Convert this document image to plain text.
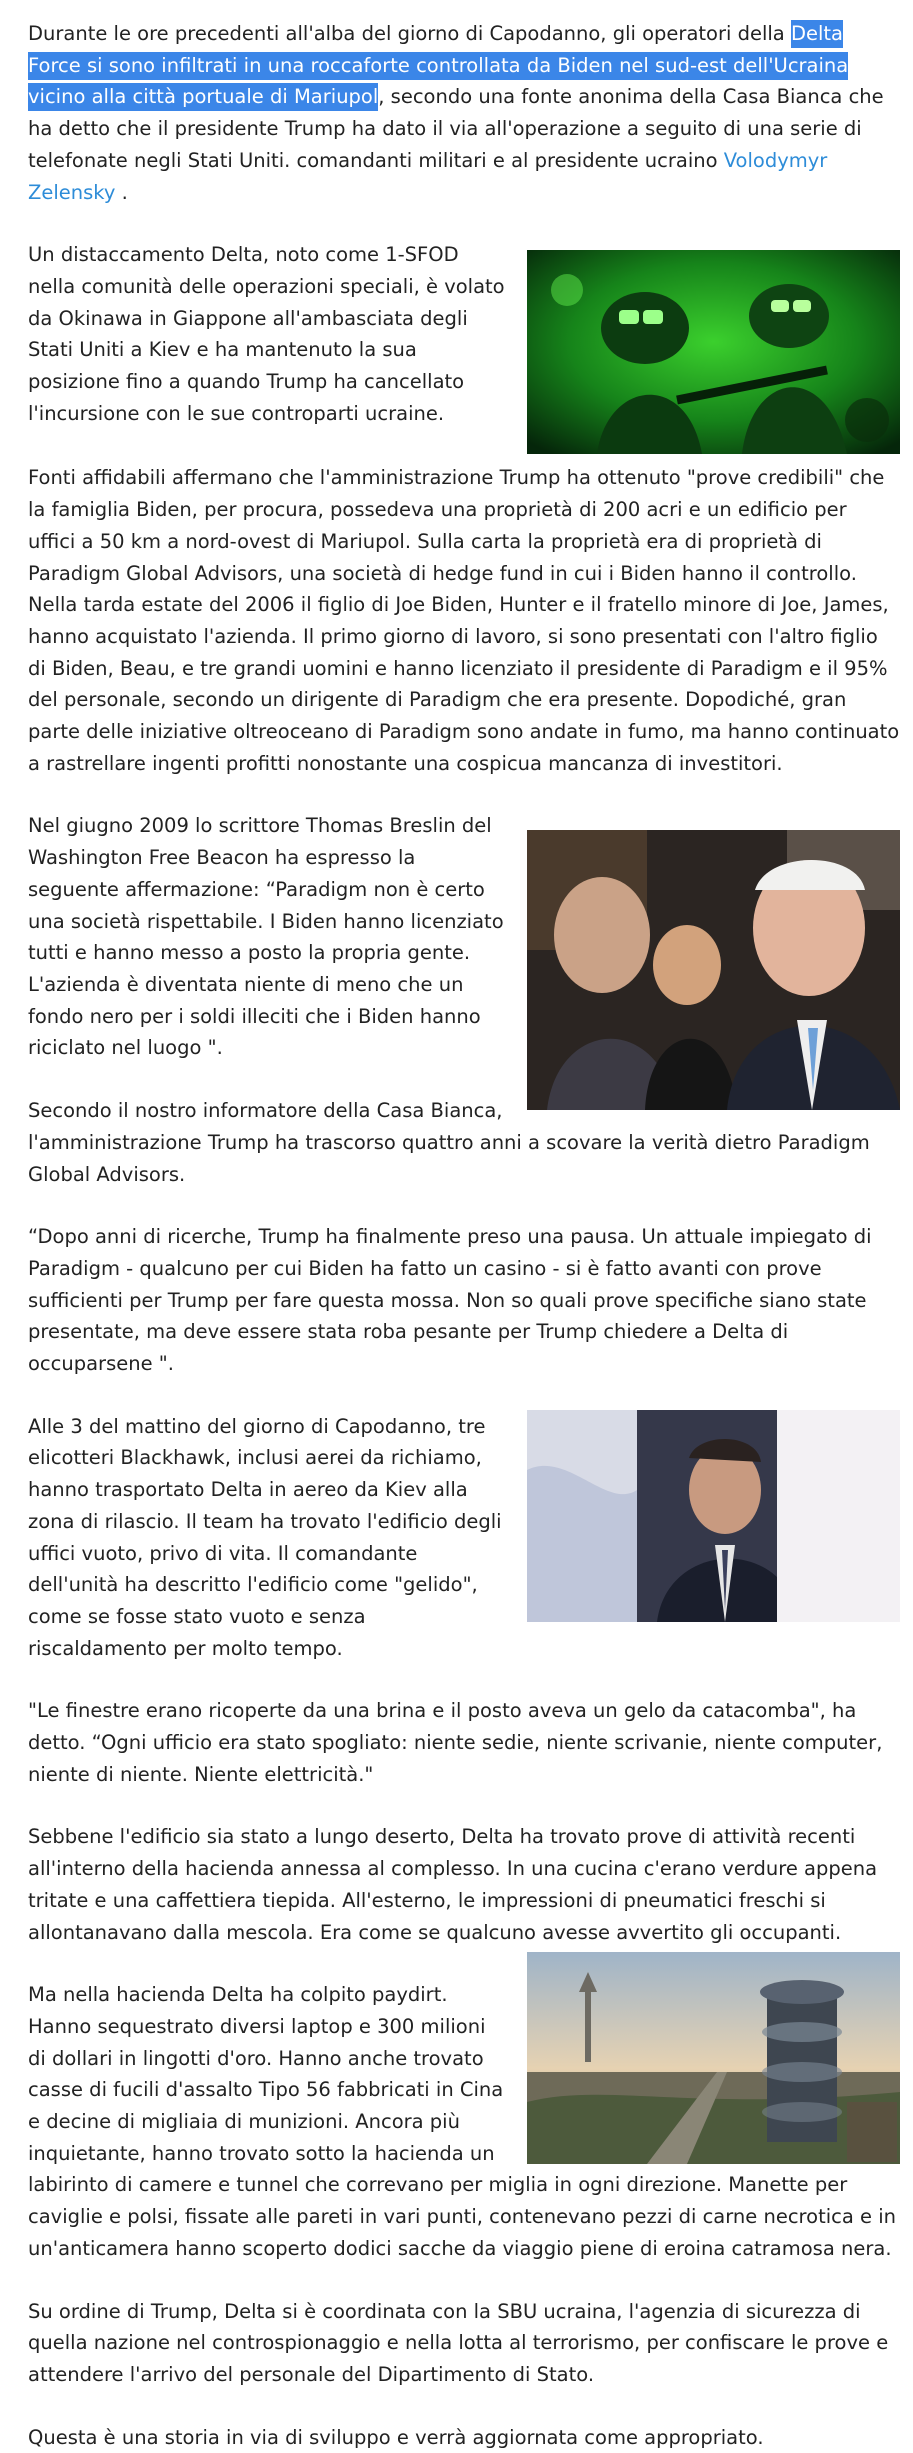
Durante le ore precedenti all'alba del giorno di Capodanno, gli operatori della Delta Force si sono infiltrati in una roccaforte controllata da Biden nel sud-est dell'Ucraina vicino alla città portuale di Mariupol, secondo una fonte anonima della Casa Bianca che ha detto che il presidente Trump ha dato il via all'operazione a seguito di una serie di telefonate negli Stati Uniti. comandanti militari e al presidente ucraino Volodymyr Zelensky .

Un distaccamento Delta, noto come 1-SFOD nella comunità delle operazioni speciali, è volato da Okinawa in Giappone all'ambasciata degli Stati Uniti a Kiev e ha mantenuto la sua posizione fino a quando Trump ha cancellato l'incursione con le sue controparti ucraine.

Fonti affidabili affermano che l'amministrazione Trump ha ottenuto "prove credibili" che la famiglia Biden, per procura, possedeva una proprietà di 200 acri e un edificio per uffici a 50 km a nord-ovest di Mariupol. Sulla carta la proprietà era di proprietà di Paradigm Global Advisors, una società di hedge fund in cui i Biden hanno il controllo. Nella tarda estate del 2006 il figlio di Joe Biden, Hunter e il fratello minore di Joe, James, hanno acquistato l'azienda. Il primo giorno di lavoro, si sono presentati con l'altro figlio di Biden, Beau, e tre grandi uomini e hanno licenziato il presidente di Paradigm e il 95% del personale, secondo un dirigente di Paradigm che era presente. Dopodiché, gran parte delle iniziative oltreoceano di Paradigm sono andate in fumo, ma hanno continuato a rastrellare ingenti profitti nonostante una cospicua mancanza di investitori.

Nel giugno 2009 lo scrittore Thomas Breslin del Washington Free Beacon ha espresso la seguente affermazione: “Paradigm non è certo una società rispettabile. I Biden hanno licenziato tutti e hanno messo a posto la propria gente. L'azienda è diventata niente di meno che un fondo nero per i soldi illeciti che i Biden hanno riciclato nel luogo ".

Secondo il nostro informatore della Casa Bianca, l'amministrazione Trump ha trascorso quattro anni a scovare la verità dietro Paradigm Global Advisors.

“Dopo anni di ricerche, Trump ha finalmente preso una pausa. Un attuale impiegato di Paradigm - qualcuno per cui Biden ha fatto un casino - si è fatto avanti con prove sufficienti per Trump per fare questa mossa. Non so quali prove specifiche siano state presentate, ma deve essere stata roba pesante per Trump chiedere a Delta di occuparsene ".

Alle 3 del mattino del giorno di Capodanno, tre elicotteri Blackhawk, inclusi aerei da richiamo, hanno trasportato Delta in aereo da Kiev alla zona di rilascio. Il team ha trovato l'edificio degli uffici vuoto, privo di vita. Il comandante dell'unità ha descritto l'edificio come "gelido", come se fosse stato vuoto e senza riscaldamento per molto tempo.

"Le finestre erano ricoperte da una brina e il posto aveva un gelo da catacomba", ha detto. “Ogni ufficio era stato spogliato: niente sedie, niente scrivanie, niente computer, niente di niente. Niente elettricità."

Sebbene l'edificio sia stato a lungo deserto, Delta ha trovato prove di attività recenti all'interno della hacienda annessa al complesso. In una cucina c'erano verdure appena tritate e una caffettiera tiepida. All'esterno, le impressioni di pneumatici freschi si allontanavano dalla mescola. Era come se qualcuno avesse avvertito gli occupanti.

Ma nella hacienda Delta ha colpito paydirt. Hanno sequestrato diversi laptop e 300 milioni di dollari in lingotti d'oro. Hanno anche trovato casse di fucili d'assalto Tipo 56 fabbricati in Cina e decine di migliaia di munizioni. Ancora più inquietante, hanno trovato sotto la hacienda un labirinto di camere e tunnel che correvano per miglia in ogni direzione. Manette per caviglie e polsi, fissate alle pareti in vari punti, contenevano pezzi di carne necrotica e in un'anticamera hanno scoperto dodici sacche da viaggio piene di eroina catramosa nera.

Su ordine di Trump, Delta si è coordinata con la SBU ucraina, l'agenzia di sicurezza di quella nazione nel controspionaggio e nella lotta al terrorismo, per confiscare le prove e attendere l'arrivo del personale del Dipartimento di Stato.

Questa è una storia in via di sviluppo e verrà aggiornata come appropriato.
